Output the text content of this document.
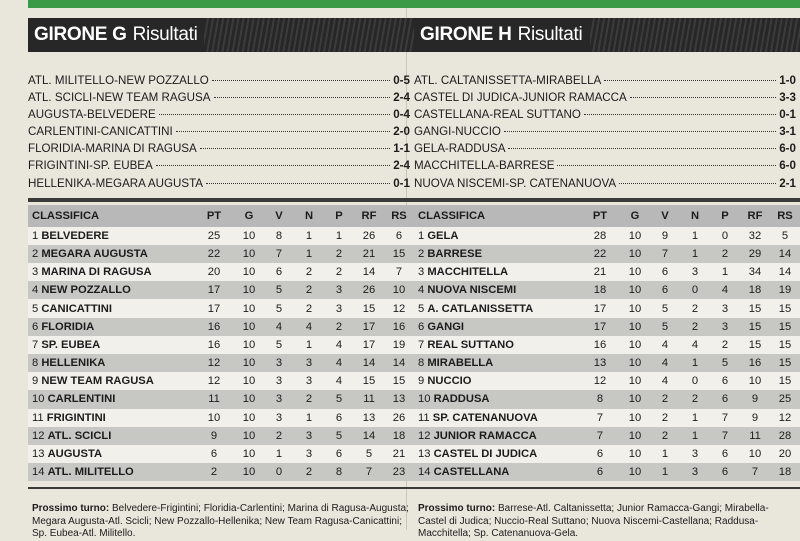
GIRONE G Risultati
ATL. MILITELLO-NEW POZZALLO	0-5
ATL. SCICLI-NEW TEAM RAGUSA	2-4
AUGUSTA-BELVEDERE	0-4
CARLENTINI-CANICATTINI	2-0
FLORIDIA-MARINA DI RAGUSA	1-1
FRIGINTINI-SP. EUBEA	2-4
HELLENIKA-MEGARA AUGUSTA	0-1
CLASSIFICA	PT	G	V	N	P	RF	RS
1 BELVEDERE	25	10	8	1	1	26	6
2 MEGARA AUGUSTA	22	10	7	1	2	21	15
3 MARINA DI RAGUSA	20	10	6	2	2	14	7
4 NEW POZZALLO	17	10	5	2	3	26	10
5 CANICATTINI	17	10	5	2	3	15	12
6 FLORIDIA	16	10	4	4	2	17	16
7 SP. EUBEA	16	10	5	1	4	17	19
8 HELLENIKA	12	10	3	3	4	14	14
9 NEW TEAM RAGUSA	12	10	3	3	4	15	15
10 CARLENTINI	11	10	3	2	5	11	13
11 FRIGINTINI	10	10	3	1	6	13	26
12 ATL. SCICLI	9	10	2	3	5	14	18
13 AUGUSTA	6	10	1	3	6	5	21
14 ATL. MILITELLO	2	10	0	2	8	7	23
Prossimo turno: Belvedere-Frigintini; Floridia-Carlentini; Marina di Ragusa-Augusta; Megara Augusta-Atl. Scicli; New Pozzallo-Hellenika; New Team Ragusa-Canicattini; Sp. Eubea-Atl. Militello.
GIRONE H Risultati
ATL. CALTANISSETTA-MIRABELLA	1-0
CASTEL DI JUDICA-JUNIOR RAMACCA	3-3
CASTELLANA-REAL SUTTANO	0-1
GANGI-NUCCIO	3-1
GELA-RADDUSA	6-0
MACCHITELLA-BARRESE	6-0
NUOVA NISCEMI-SP. CATENANUOVA	2-1
CLASSIFICA	PT	G	V	N	P	RF	RS
1 GELA	28	10	9	1	0	32	5
2 BARRESE	22	10	7	1	2	29	14
3 MACCHITELLA	21	10	6	3	1	34	14
4 NUOVA NISCEMI	18	10	6	0	4	18	19
5 A. CATLANISSETTA	17	10	5	2	3	15	15
6 GANGI	17	10	5	2	3	15	15
7 REAL SUTTANO	16	10	4	4	2	15	15
8 MIRABELLA	13	10	4	1	5	16	15
9 NUCCIO	12	10	4	0	6	10	15
10 RADDUSA	8	10	2	2	6	9	25
11 SP. CATENANUOVA	7	10	2	1	7	9	12
12 JUNIOR RAMACCA	7	10	2	1	7	11	28
13 CASTEL DI JUDICA	6	10	1	3	6	10	20
14 CASTELLANA	6	10	1	3	6	7	18
Prossimo turno: Barrese-Atl. Caltanissetta; Junior Ramacca-Gangi; Mirabella-Castel di Judica; Nuccio-Real Suttano; Nuova Niscemi-Castellana; Raddusa-Macchitella; Sp. Catenanuova-Gela.
